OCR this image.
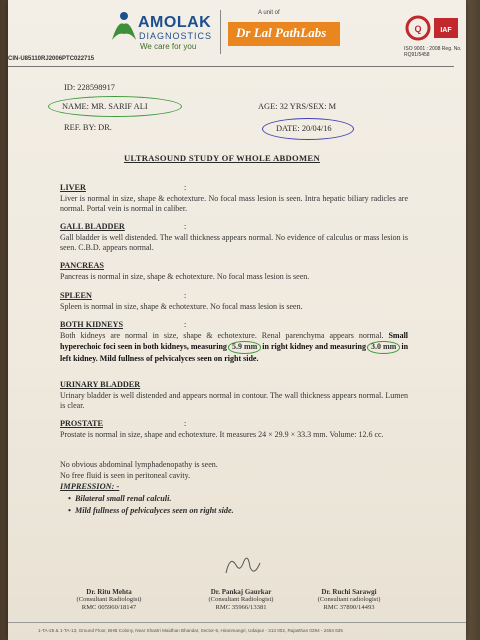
AMOLAK
DIAGNOSTICS
We care for you
A unit of
Dr Lal PathLabs	Q	IAF
ISO 9001 : 2008 Reg. No. RQ91/5458
CIN-U85110RJ2006PTC022715
ID: 228598917
NAME: MR. SARIF ALI	AGE: 32 YRS/SEX: M
REF. BY: DR.	DATE: 20/04/16
ULTRASOUND STUDY OF WHOLE ABDOMEN
LIVER	:
Liver is normal in size, shape & echotexture. No focal mass lesion is seen. Intra hepatic biliary radicles are normal. Portal vein is normal in caliber.
GALL BLADDER	:
Gall bladder is well distended. The wall thickness appears normal. No evidence of calculus or mass lesion is seen. C.B.D. appears normal.
PANCREAS
Pancreas is normal in size, shape & echotexture. No focal mass lesion is seen.
SPLEEN	:
Spleen is normal in size, shape & echotexture. No focal mass lesion is seen.
BOTH KIDNEYS	:
Both kidneys are normal in size, shape & echotexture. Renal parenchyma appears normal. Small hyperechoic foci seen in both kidneys, measuring 5.9 mm in right kidney and measuring 3.0 mm in left kidney. Mild fullness of pelvicalyces seen on right side.
URINARY BLADDER
Urinary bladder is well distended and appears normal in contour. The wall thickness appears normal. Lumen is clear.
PROSTATE	:
Prostate is normal in size, shape and echotexture. It measures 24 × 29.9 × 33.3 mm. Volume: 12.6 cc.
No obvious abdominal lymphadenopathy is seen.
No free fluid is seen in peritoneal cavity.
IMPRESSION: -
•  Bilateral small renal calculi.
•  Mild fullness of pelvicalyces seen on right side.
Dr. Ritu Mehta
(Consultant Radiologist)
RMC 005960/18147
Dr. Pankaj Gaurkar
(Consultant Radiologist)
RMC 35966/13381
Dr. Ruchi Sarawgi
(Consultant radiologist)
RMC 37890/14493
1-TA-25 & 1-TA-13, Ground Floor, BHB Colony, Near Shastri Maidhan Bhandar, Sector-5, Hiranmangri, Udaipur - 313 002, Rajasthan 0294 - 2464 635
